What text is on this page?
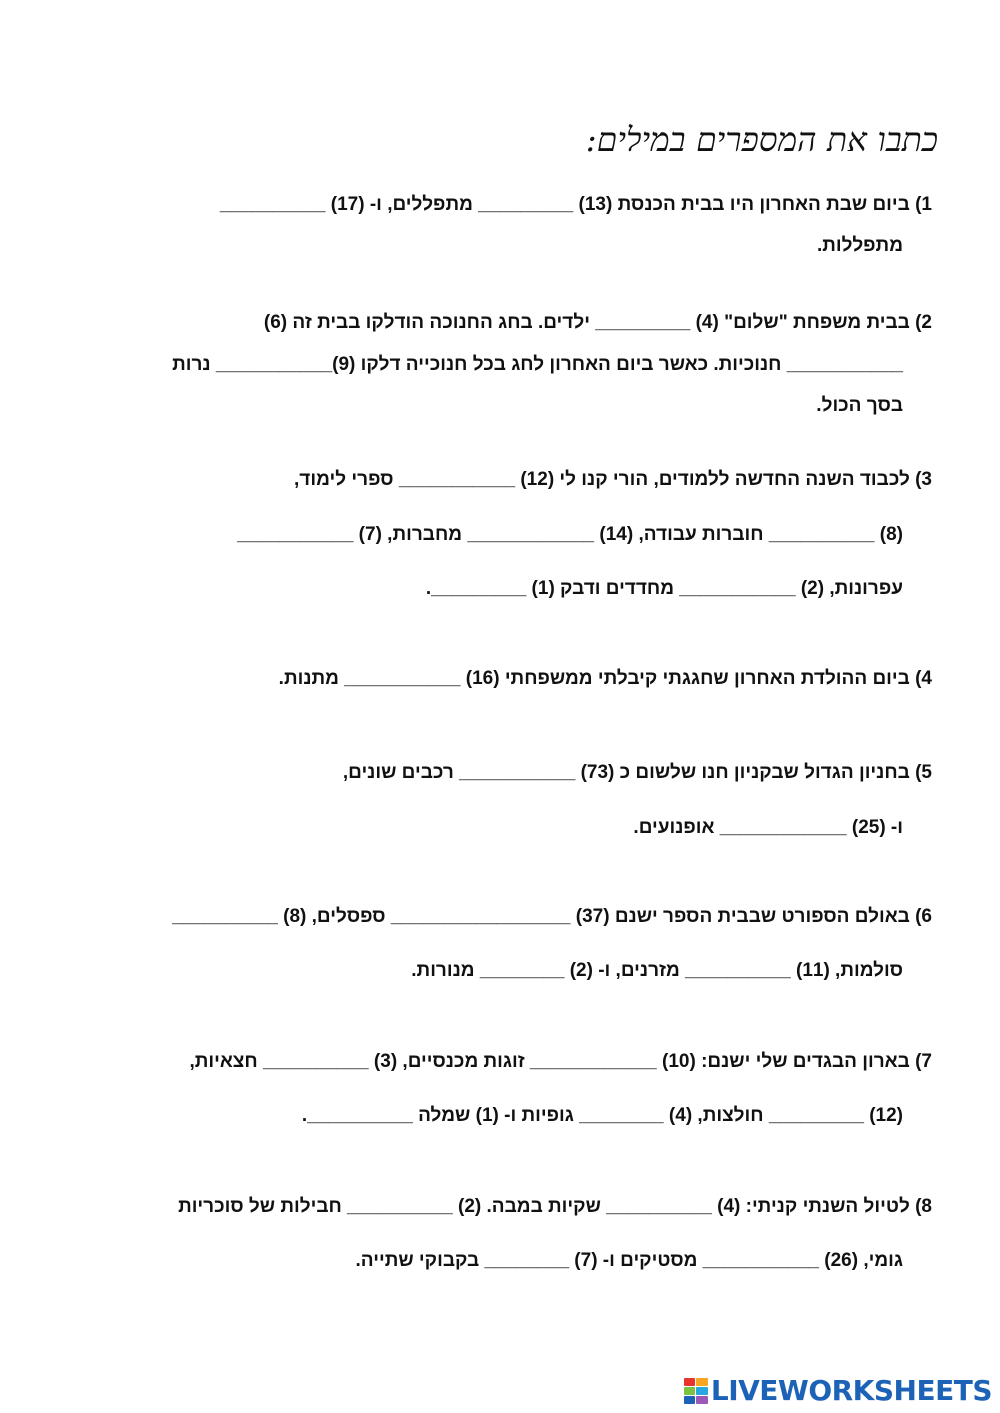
כתבו את המספרים במילים:
1) ביום שבת האחרון היו בבית הכנסת (13) _________ מתפללים, ו- (17) __________
מתפללות.
2) בבית משפחת "שלום" (4) _________ ילדים. בחג החנוכה הודלקו בבית זה (6)
___________ חנוכיות. כאשר ביום האחרון לחג בכל חנוכייה דלקו (9)___________ נרות
בסך הכול.
3) לכבוד השנה החדשה ללמודים, הורי קנו לי (12) ___________ ספרי לימוד,
(8) __________ חוברות עבודה, (14) ____________ מחברות, (7) ___________
עפרונות, (2) ___________ מחדדים ודבק (1) _________.
4) ביום ההולדת האחרון שחגגתי קיבלתי ממשפחתי (16) ___________ מתנות.
5) בחניון הגדול שבקניון חנו שלשום כ (73) ___________ רכבים שונים,
ו- (25) ____________ אופנועים.
6) באולם הספורט שבבית הספר ישנם (37) _________________ ספסלים, (8) __________
סולמות, (11) __________ מזרנים, ו- (2) ________ מנורות.
7) בארון הבגדים שלי ישנם: (10) ____________ זוגות מכנסיים, (3) __________ חצאיות,
(12) _________ חולצות, (4) ________ גופיות ו- (1) שמלה __________.
8) לטיול השנתי קניתי: (4) __________ שקיות במבה. (2) __________ חבילות של סוכריות
גומי, (26) ___________ מסטיקים ו- (7) ________ בקבוקי שתייה.
LIVEWORKSHEETS
